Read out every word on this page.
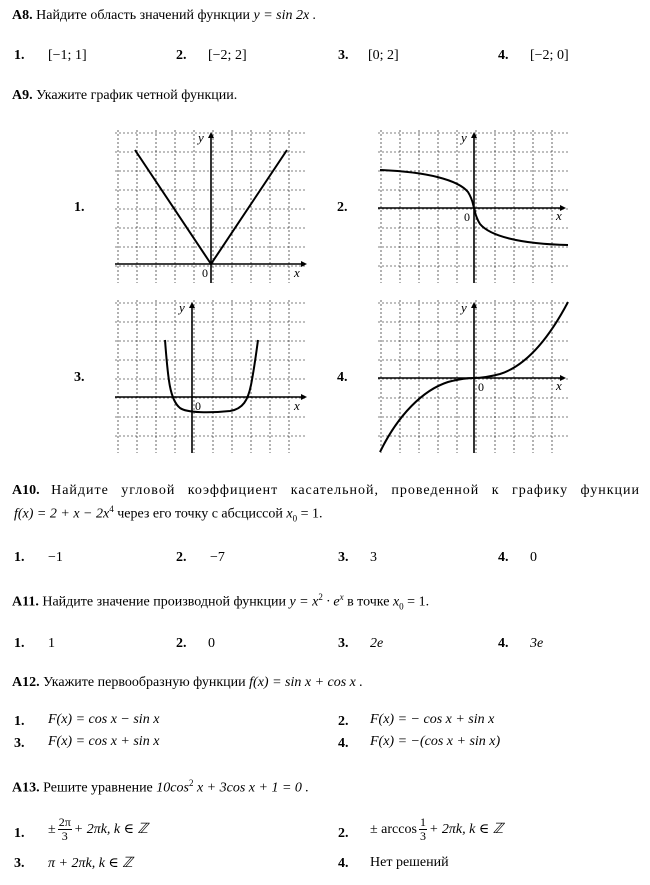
A8. Найдите область значений функции y = sin 2x .
1. [−1; 1]	2. [−2; 2]	3. [0; 2]	4. [−2; 0]
A9. Укажите график четной функции.
1.	2.
3.	4.
x
y
0
x
y
0
x
y
0
x
y
0
A10. Найдите угловой коэффициент касательной, проведенной к графику функции
$f(x) = 2 + x - 2x^4$ через его точку с абсциссой $x_0 = 1$.
1. −1	2. −7	3. 3	4. 0
A11. Найдите значение производной функции $y = x^2 \cdot e^x$ в точке $x_0 = 1$.
1. 1	2. 0	3. 2e	4. 3e
A12. Укажите первообразную функции f(x) = sin x + cos x .
1. F(x) = cos x − sin x	2. F(x) = − cos x + sin x
3. F(x) = cos x + sin x	4. F(x) = −(cos x + sin x)
A13. Решите уравнение $10\cos^2$ x + 3cos x + 1 = 0 .
1. ± $\frac{2\pi}{3} + 2\pi k$, k ∈ ℤ	2. ± $\arccos \frac{1}{3} + 2\pi k$, k ∈ ℤ
3. π + 2πk, k ∈ ℤ	4. Нет решений
